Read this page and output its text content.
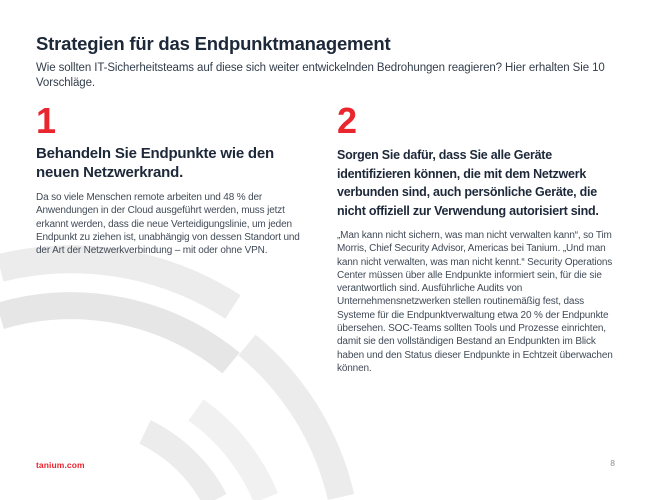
Strategien für das Endpunktmanagement
Wie sollten IT-Sicherheitsteams auf diese sich weiter entwickelnden Bedrohungen reagieren? Hier erhalten Sie 10 Vorschläge.
1
Behandeln Sie Endpunkte wie den neuen Netzwerkrand.
Da so viele Menschen remote arbeiten und 48 % der Anwendungen in der Cloud ausgeführt werden, muss jetzt erkannt werden, dass die neue Verteidigungslinie, um jeden Endpunkt zu ziehen ist, unabhängig von dessen Standort und der Art der Netzwerkverbindung – mit oder ohne VPN.
2
Sorgen Sie dafür, dass Sie alle Geräte identifizieren können, die mit dem Netzwerk verbunden sind, auch persönliche Geräte, die nicht offiziell zur Verwendung autorisiert sind.
„Man kann nicht sichern, was man nicht verwalten kann“, so Tim Morris, Chief Security Advisor, Americas bei Tanium. „Und man kann nicht verwalten, was man nicht kennt.“ Security Operations Center müssen über alle Endpunkte informiert sein, für die sie verantwortlich sind. Ausführliche Audits von Unternehmensnetzwerken stellen routinemäßig fest, dass Systeme für die Endpunktverwaltung etwa 20 % der Endpunkte übersehen. SOC-Teams sollten Tools und Prozesse einrichten, damit sie den vollständigen Bestand an Endpunkten im Blick haben und den Status dieser Endpunkte in Echtzeit überwachen können.
tanium.com	8
